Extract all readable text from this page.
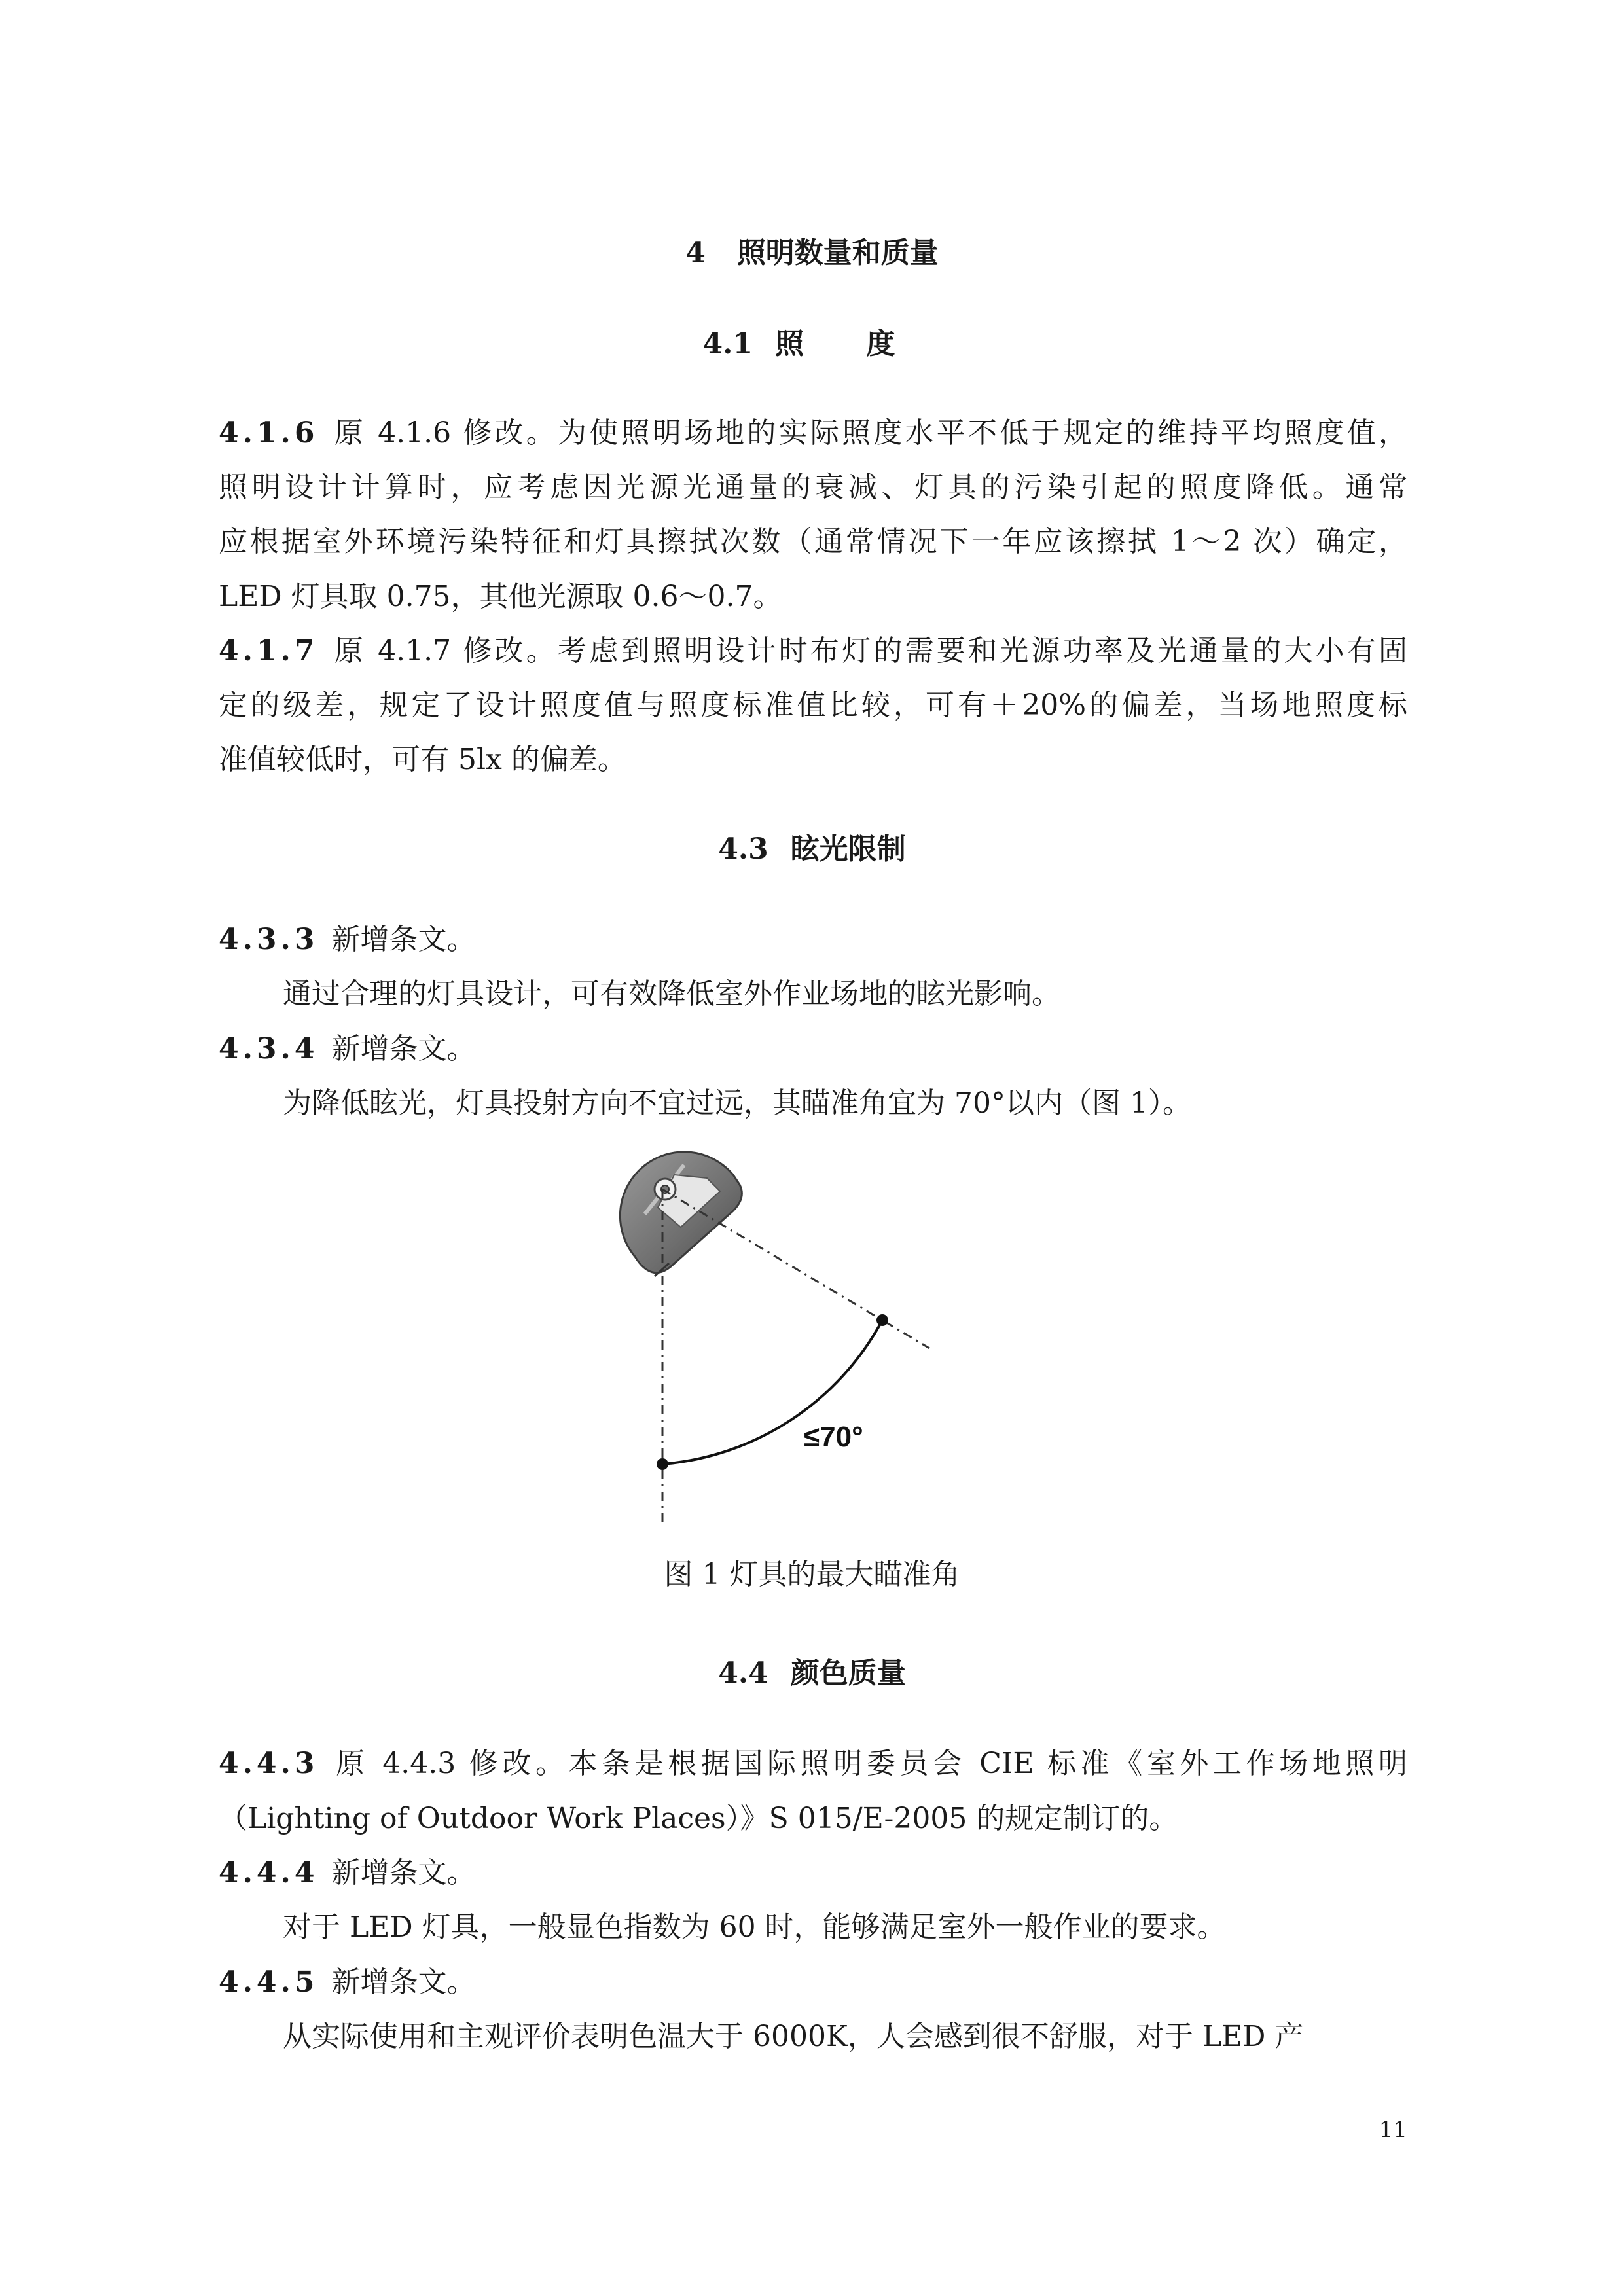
4 照明数量和质量
4.1 照 度
4.1.6 原 4.1.6 修改。为使照明场地的实际照度水平不低于规定的维持平均照度值，
照明设计计算时，应考虑因光源光通量的衰减、灯具的污染引起的照度降低。通常
应根据室外环境污染特征和灯具擦拭次数（通常情况下一年应该擦拭 1～2 次）确定，
LED 灯具取 0.75，其他光源取 0.6～0.7。
4.1.7 原 4.1.7 修改。考虑到照明设计时布灯的需要和光源功率及光通量的大小有固
定的级差，规定了设计照度值与照度标准值比较，可有＋20%的偏差，当场地照度标
准值较低时，可有 5lx 的偏差。
4.3 眩光限制
4.3.3 新增条文。
通过合理的灯具设计，可有效降低室外作业场地的眩光影响。
4.3.4 新增条文。
为降低眩光，灯具投射方向不宜过远，其瞄准角宜为 70°以内（图 1）。
≤70°
图 1 灯具的最大瞄准角
4.4 颜色质量
4.4.3 原 4.4.3 修改。本条是根据国际照明委员会 CIE 标准《室外工作场地照明
（Lighting of Outdoor Work Places）》S 015/E-2005 的规定制订的。
4.4.4 新增条文。
对于 LED 灯具，一般显色指数为 60 时，能够满足室外一般作业的要求。
4.4.5 新增条文。
从实际使用和主观评价表明色温大于 6000K，人会感到很不舒服，对于 LED 产
11
